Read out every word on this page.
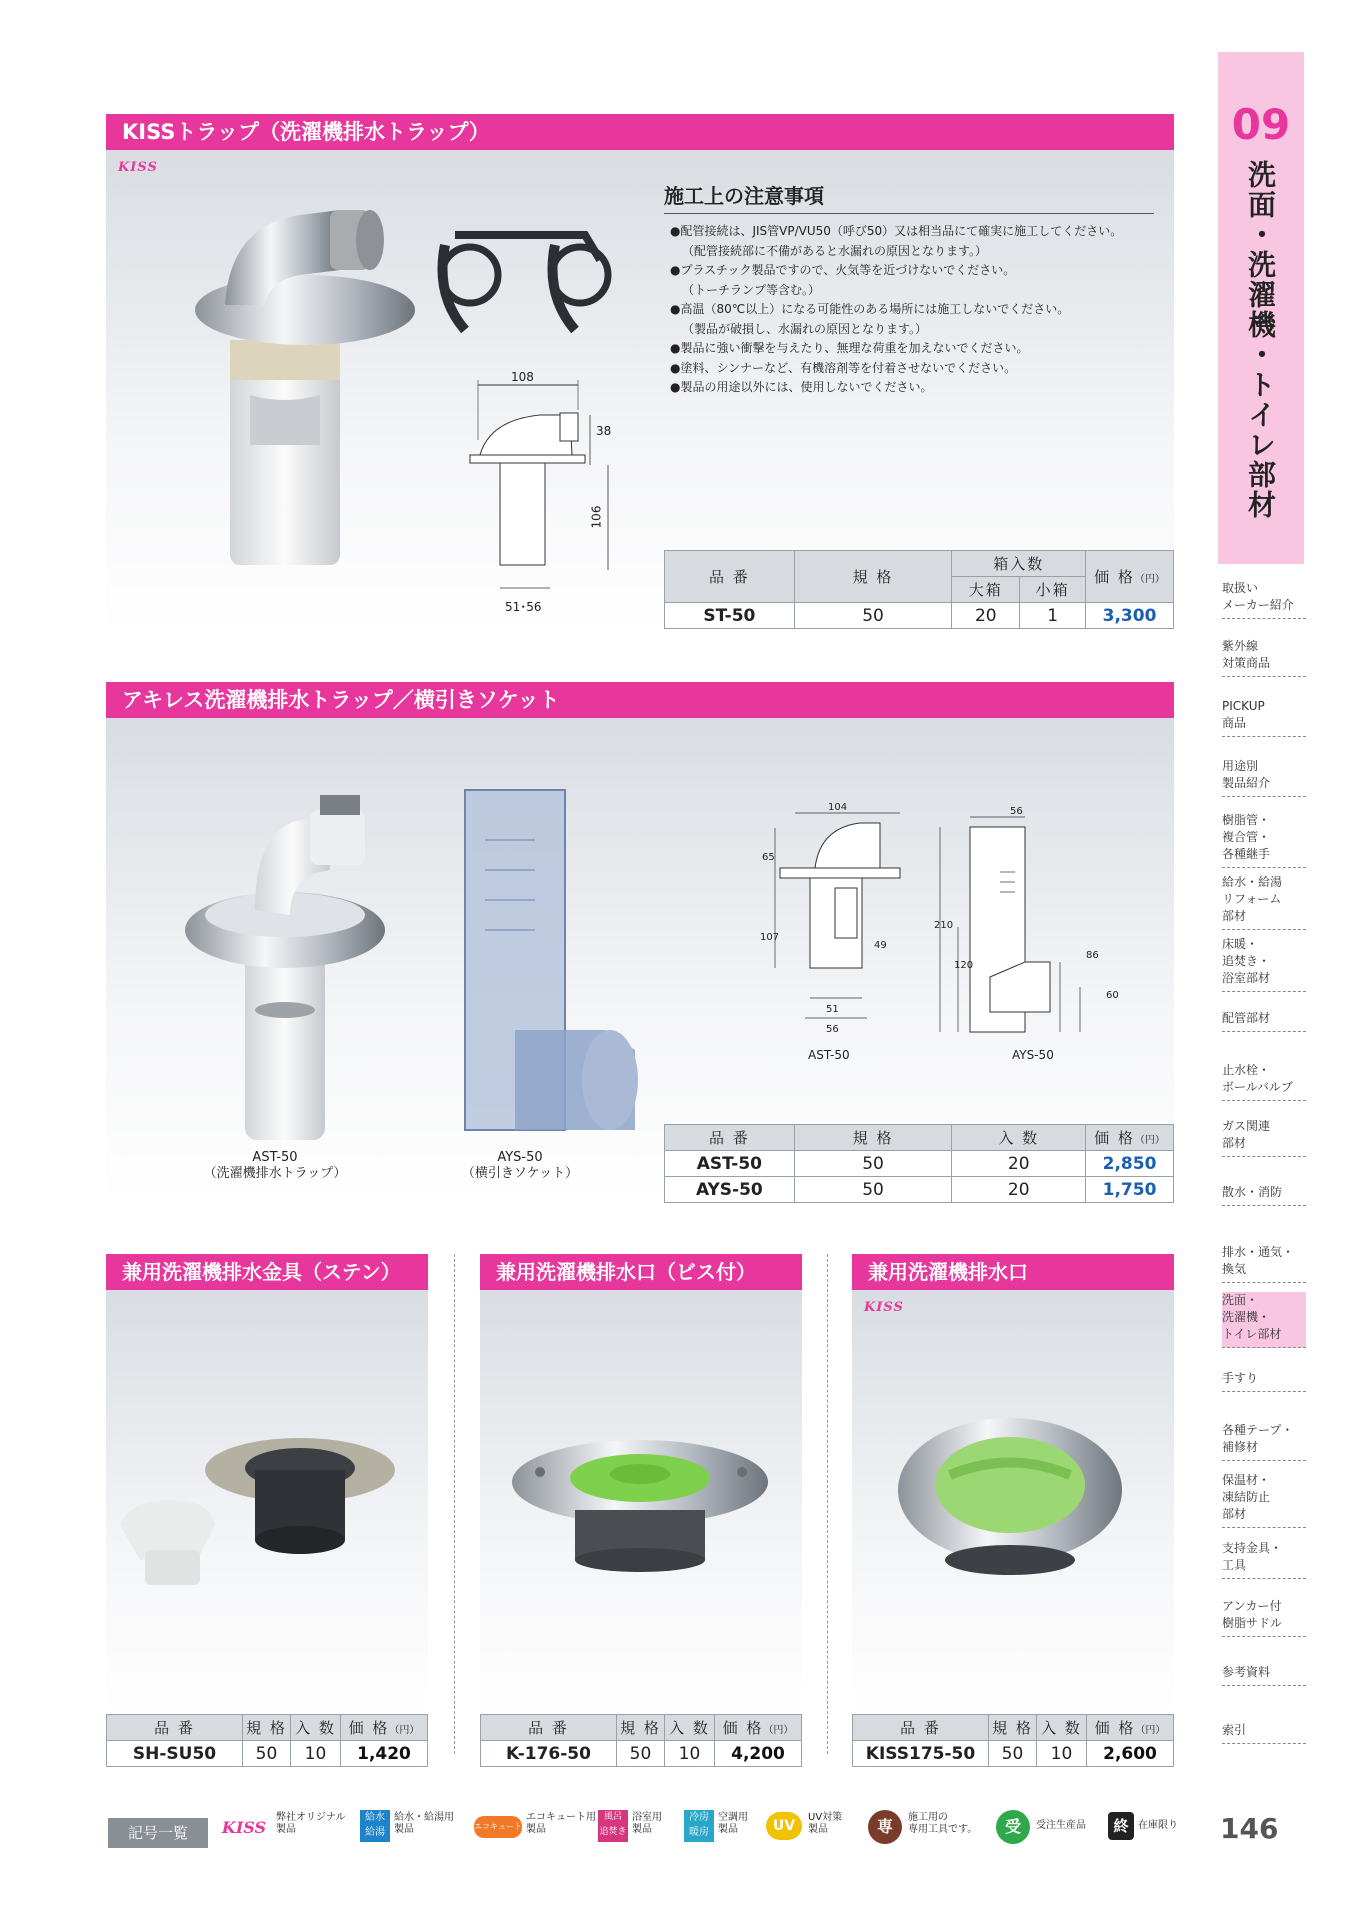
KISSトラップ（洗濯機排水トラップ）
KISS
108
38
106
51･56
施工上の注意事項
●配管接続は、JIS管VP/VU50（呼び50）又は相当品にて確実に施工してください。
（配管接続部に不備があると水漏れの原因となります。）
●プラスチック製品ですので、火気等を近づけないでください。
（トーチランプ等含む。）
●高温（80℃以上）になる可能性のある場所には施工しないでください。
（製品が破損し、水漏れの原因となります。）
●製品に強い衝撃を与えたり、無理な荷重を加えないでください。
●塗料、シンナーなど、有機溶剤等を付着させないでください。
●製品の用途以外には、使用しないでください。
品 番	規 格	箱入数		価 格（円）
		大箱	小箱	
ST-50	50	20	1	3,300
アキレス洗濯機排水トラップ／横引きソケット
AST-50
（洗濯機排水トラップ）
AYS-50
（横引きソケット）
104
65
107
49
51
56
AST-50
56
210
120
86
60
AYS-50
品 番	規 格	入 数	価 格（円）
AST-50	50	20	2,850
AYS-50	50	20	1,750
兼用洗濯機排水金具（ステン）
品 番	規 格	入 数	価 格（円）
SH-SU50	50	10	1,420
兼用洗濯機排水口（ビス付）
品 番	規 格	入 数	価 格（円）
K-176-50	50	10	4,200
兼用洗濯機排水口
KISS
品 番	規 格	入 数	価 格（円）
KISS175-50	50	10	2,600
09
洗面・洗濯機・トイレ部材
取扱い
メーカー紹介
紫外線
対策商品
PICKUP
商品
用途別
製品紹介
樹脂管・
複合管・
各種継手
給水・給湯
リフォーム
部材
床暖・
追焚き・
浴室部材
配管部材
止水栓・
ボールバルブ
ガス関連
部材
散水・消防
排水・通気・
換気
洗面・
洗濯機・
トイレ部材
手すり
各種テープ・
補修材
保温材・
凍結防止
部材
支持金具・
工具
アンカー付
樹脂サドル
参考資料
索引
記号一覧	KISS
弊社オリジナル
製品
給水
給湯
給水・給湯用
製品	エコキュート
エコキュート用
製品
風呂
追焚き
浴室用
製品
冷房
暖房
空調用
製品	UV
UV対策
製品	専	施工用の
専用工具です。	受	受注生産品	終 在庫限り 146
